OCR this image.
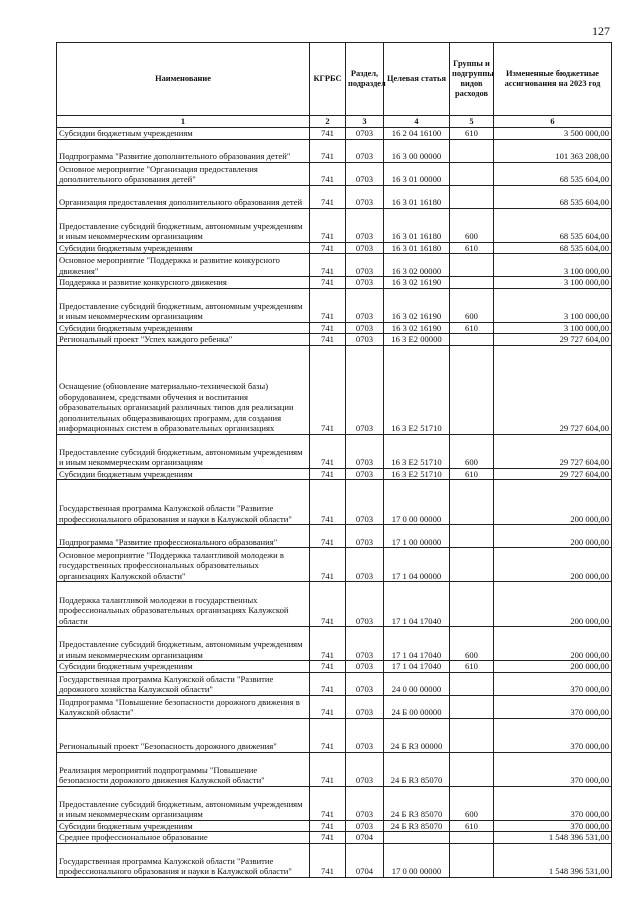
127
Наименование	КГРБС	Раздел, подраздел	Целевая статья	Группы и подгруппы видов расходов	Измененные бюджетные ассигнования на 2023 год
1	2	3	4	5	6
Субсидии бюджетным учреждениям	741	0703	16 2 04 16100	610	3 500 000,00
Подпрограмма "Развитие дополнительного образования детей"	741	0703	16 3 00 00000		101 363 208,00
Основное мероприятие "Организация предоставления дополнительного образования детей"	741	0703	16 3 01 00000		68 535 604,00
Организация предоставления дополнительного образования детей	741	0703	16 3 01 16180		68 535 604,00
Предоставление субсидий бюджетным, автономным учреждениям и иным некоммерческим организациям	741	0703	16 3 01 16180	600	68 535 604,00
Субсидии бюджетным учреждениям	741	0703	16 3 01 16180	610	68 535 604,00
Основное мероприятие "Поддержка и развитие конкурсного движения"	741	0703	16 3 02 00000		3 100 000,00
Поддержка и развитие конкурсного движения	741	0703	16 3 02 16190		3 100 000,00
Предоставление субсидий бюджетным, автономным учреждениям и иным некоммерческим организациям	741	0703	16 3 02 16190	600	3 100 000,00
Субсидии бюджетным учреждениям	741	0703	16 3 02 16190	610	3 100 000,00
Региональный проект "Успех каждого ребенка"	741	0703	16 3 E2 00000		29 727 604,00
Оснащение (обновление материально-технической базы) оборудованием, средствами обучения и воспитания образовательных организаций различных типов для реализации дополнительных общеразвивающих программ, для создания информационных систем в образовательных организациях	741	0703	16 3 E2 51710		29 727 604,00
Предоставление субсидий бюджетным, автономным учреждениям и иным некоммерческим организациям	741	0703	16 3 E2 51710	600	29 727 604,00
Субсидии бюджетным учреждениям	741	0703	16 3 E2 51710	610	29 727 604,00
Государственная программа Калужской области "Развитие профессионального образования и науки в Калужской области"	741	0703	17 0 00 00000		200 000,00
Подпрограмма "Развитие профессионального образования"	741	0703	17 1 00 00000		200 000,00
Основное мероприятие "Поддержка талантливой молодежи в государственных профессиональных образовательных организациях Калужской области"	741	0703	17 1 04 00000		200 000,00
Поддержка талантливой молодежи в государственных профессиональных образовательных организациях Калужской области	741	0703	17 1 04 17040		200 000,00
Предоставление субсидий бюджетным, автономным учреждениям и иным некоммерческим организациям	741	0703	17 1 04 17040	600	200 000,00
Субсидии бюджетным учреждениям	741	0703	17 1 04 17040	610	200 000,00
Государственная программа Калужской области "Развитие дорожного хозяйства Калужской области"	741	0703	24 0 00 00000		370 000,00
Подпрограмма "Повышение безопасности дорожного движения в Калужской области"	741	0703	24 Б 00 00000		370 000,00
Региональный проект "Безопасность дорожного движения"	741	0703	24 Б R3 00000		370 000,00
Реализация мероприятий подпрограммы "Повышение безопасности дорожного движения Калужской области"	741	0703	24 Б R3 85070		370 000,00
Предоставление субсидий бюджетным, автономным учреждениям и иным некоммерческим организациям	741	0703	24 Б R3 85070	600	370 000,00
Субсидии бюджетным учреждениям	741	0703	24 Б R3 85070	610	370 000,00
Среднее профессиональное образование	741	0704			1 548 396 531,00
Государственная программа Калужской области "Развитие профессионального образования и науки в Калужской области"	741	0704	17 0 00 00000		1 548 396 531,00
